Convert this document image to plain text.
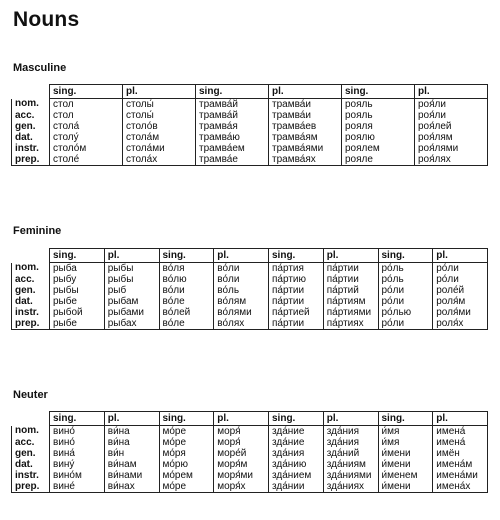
Nouns
Masculine
	sing.	pl.	sing.	pl.	sing.	pl.
nom.	стол	столы́	трамва́й	трамва́и	рояль	роя́ли
acc.	стол	столы́	трамва́й	трамва́и	рояль	роя́ли
gen.	стола́	столо́в	трамва́я	трамва́ев	рояля	роя́лей
dat.	столу́	стола́м	трамва́ю	трамва́ям	роялю	роя́лям
instr.	столо́м	стола́ми	трамва́ем	трамва́ями	роялем	роя́лями
prep.	столе́	стола́х	трамва́е	трамва́ях	рояле	роя́лях
Feminine
	sing.	pl.	sing.	pl.	sing.	pl.	sing.	pl.
nom.	рыба	рыбы	во́ля	во́ли	па́ртия	па́ртии	ро́ль	ро́ли
acc.	рыбу	рыбы	во́лю	во́ли	па́ртию	па́ртии	ро́ль	ро́ли
gen.	рыбы	рыб	во́ли	во́ль	па́ртии	па́ртий	ро́ли	роле́й
dat.	рыбе	рыбам	во́ле	во́лям	па́ртии	па́ртиям	ро́ли	роля́м
instr.	рыбой	рыбами	во́лей	во́лями	па́ртией	па́ртиями	ро́лью	роля́ми
prep.	рыбе	рыбах	во́ле	во́лях	па́ртии	па́ртиях	ро́ли	роля́х
Neuter
	sing.	pl.	sing.	pl.	sing.	pl.	sing.	pl.
nom.	вино́	ви́на	мо́ре	моря́	зда́ние	зда́ния	и́мя	имена́
acc.	вино́	ви́на	мо́ре	моря́	зда́ние	зда́ния	и́мя	имена́
gen.	вина́	ви́н	мо́ря	море́й	зда́ния	зда́ний	и́мени	имён
dat.	вину́	ви́нам	мо́рю	моря́м	зда́нию	зда́ниям	и́мени	имена́м
instr.	вино́м	ви́нами	мо́рем	моря́ми	зда́нием	зда́ниями	и́менем	имена́ми
prep.	вине́	ви́нах	мо́ре	моря́х	зда́нии	зда́ниях	и́мени	имена́х
